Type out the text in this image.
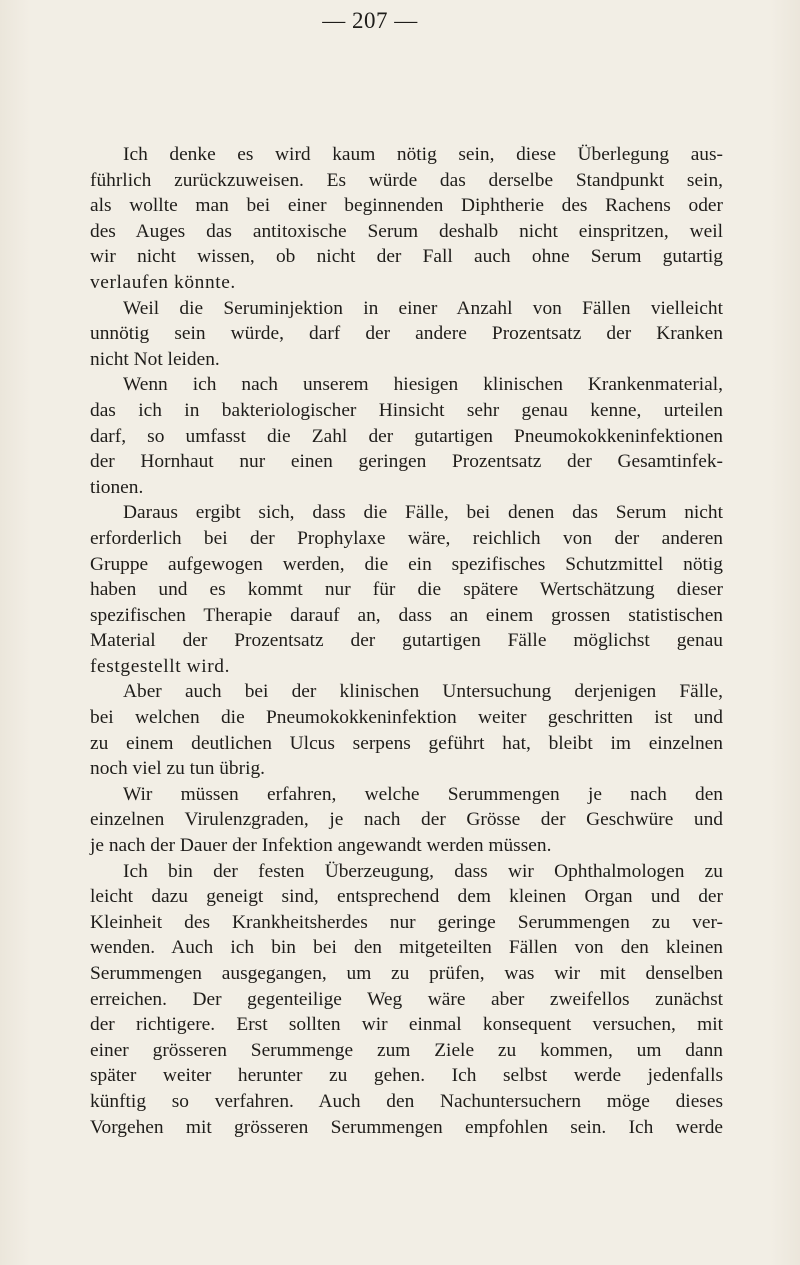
— 207 —
Ich denke es wird kaum nötig sein, diese Überlegung aus-
führlich zurückzuweisen. Es würde das derselbe Standpunkt sein,
als wollte man bei einer beginnenden Diphtherie des Rachens oder
des Auges das antitoxische Serum deshalb nicht einspritzen, weil
wir nicht wissen, ob nicht der Fall auch ohne Serum gutartig
verlaufen könnte.
Weil die Seruminjektion in einer Anzahl von Fällen vielleicht
unnötig sein würde, darf der andere Prozentsatz der Kranken
nicht Not leiden.
Wenn ich nach unserem hiesigen klinischen Krankenmaterial,
das ich in bakteriologischer Hinsicht sehr genau kenne, urteilen
darf, so umfasst die Zahl der gutartigen Pneumokokkeninfektionen
der Hornhaut nur einen geringen Prozentsatz der Gesamtinfek-
tionen.
Daraus ergibt sich, dass die Fälle, bei denen das Serum nicht
erforderlich bei der Prophylaxe wäre, reichlich von der anderen
Gruppe aufgewogen werden, die ein spezifisches Schutzmittel nötig
haben und es kommt nur für die spätere Wertschätzung dieser
spezifischen Therapie darauf an, dass an einem grossen statistischen
Material der Prozentsatz der gutartigen Fälle möglichst genau
festgestellt wird.
Aber auch bei der klinischen Untersuchung derjenigen Fälle,
bei welchen die Pneumokokkeninfektion weiter geschritten ist und
zu einem deutlichen Ulcus serpens geführt hat, bleibt im einzelnen
noch viel zu tun übrig.
Wir müssen erfahren, welche Serummengen je nach den
einzelnen Virulenzgraden, je nach der Grösse der Geschwüre und
je nach der Dauer der Infektion angewandt werden müssen.
Ich bin der festen Überzeugung, dass wir Ophthalmologen zu
leicht dazu geneigt sind, entsprechend dem kleinen Organ und der
Kleinheit des Krankheitsherdes nur geringe Serummengen zu ver-
wenden. Auch ich bin bei den mitgeteilten Fällen von den kleinen
Serummengen ausgegangen, um zu prüfen, was wir mit denselben
erreichen. Der gegenteilige Weg wäre aber zweifellos zunächst
der richtigere. Erst sollten wir einmal konsequent versuchen, mit
einer grösseren Serummenge zum Ziele zu kommen, um dann
später weiter herunter zu gehen. Ich selbst werde jedenfalls
künftig so verfahren. Auch den Nachuntersuchern möge dieses
Vorgehen mit grösseren Serummengen empfohlen sein. Ich werde
